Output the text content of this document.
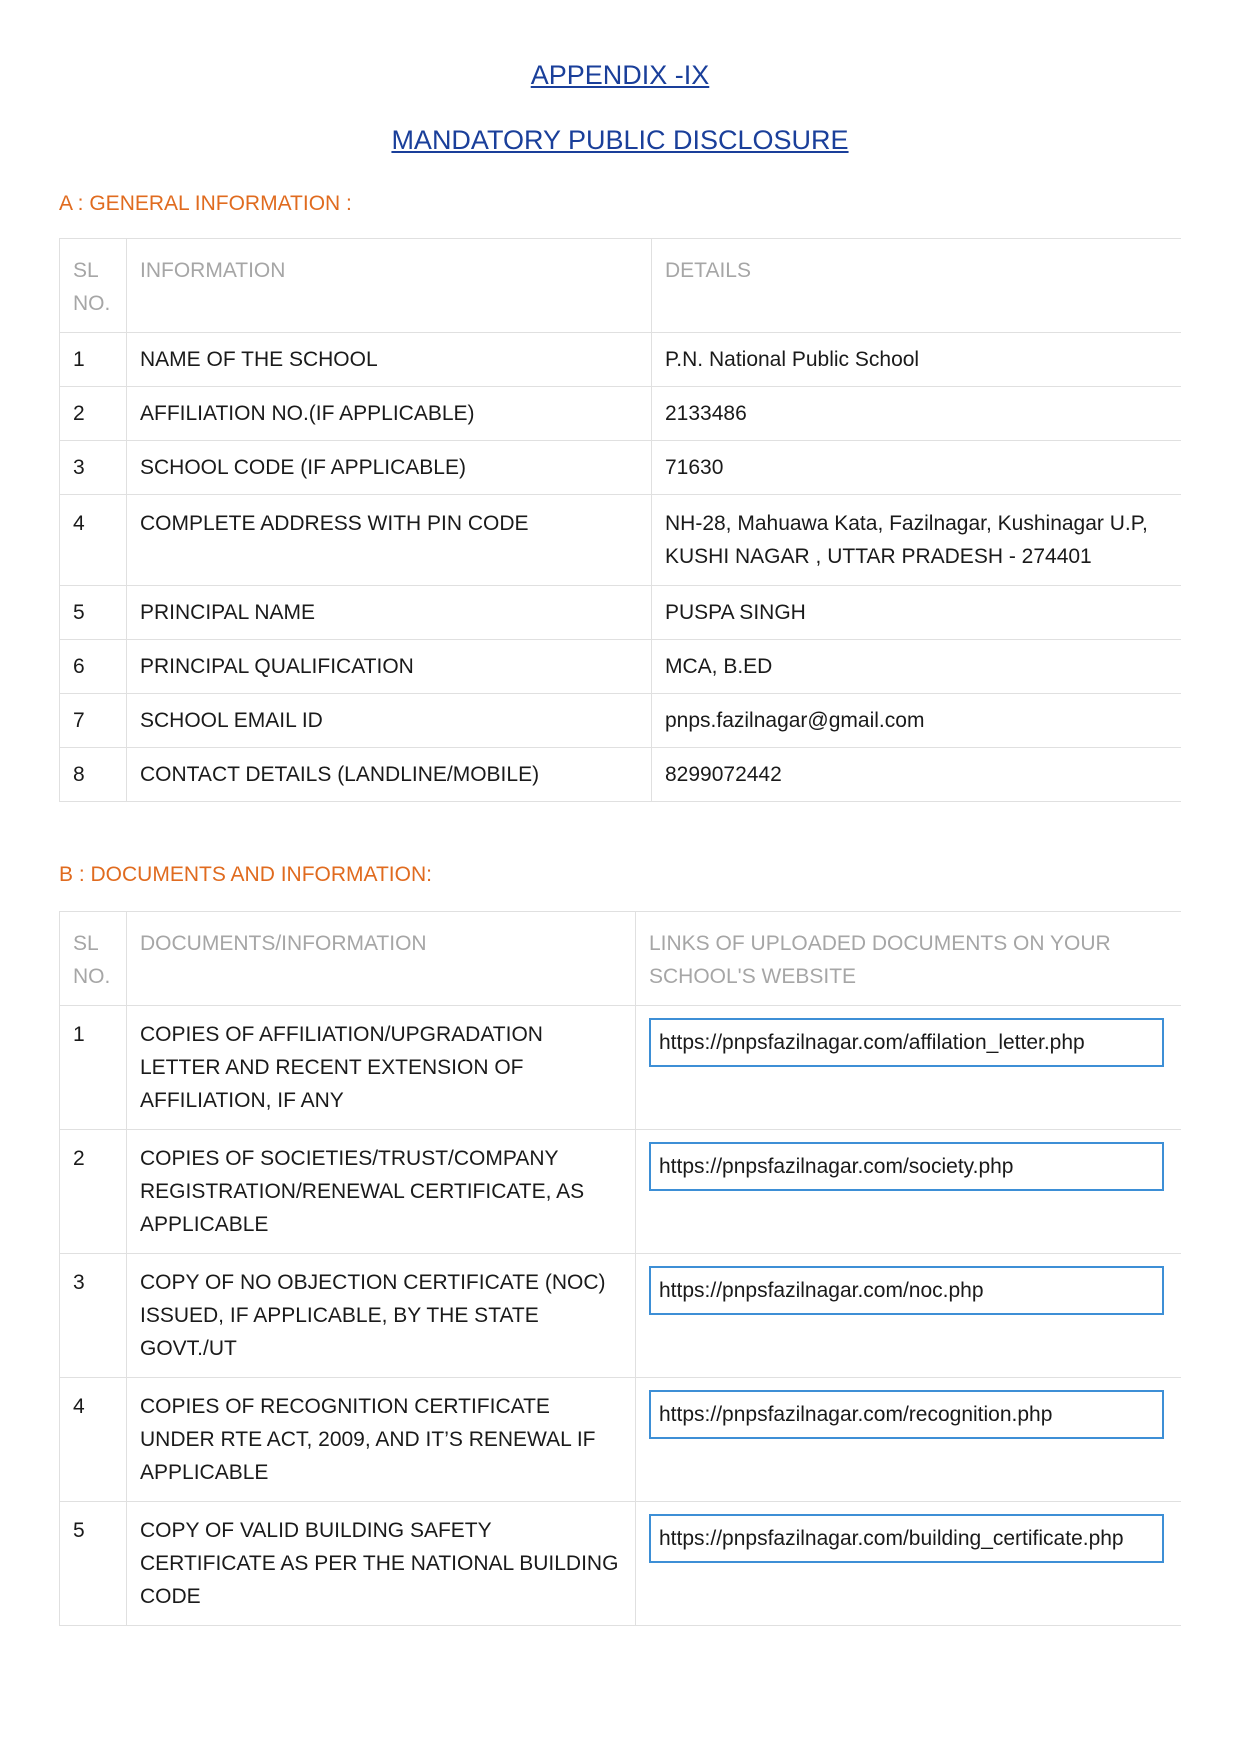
APPENDIX -IX
MANDATORY PUBLIC DISCLOSURE
A : GENERAL INFORMATION :
SL NO.	INFORMATION	DETAILS
1	NAME OF THE SCHOOL	P.N. National Public School
2	AFFILIATION NO.(IF APPLICABLE)	2133486
3	SCHOOL CODE (IF APPLICABLE)	71630
4	COMPLETE ADDRESS WITH PIN CODE	NH-28, Mahuawa Kata, Fazilnagar, Kushinagar U.P, KUSHI NAGAR , UTTAR PRADESH - 274401
5	PRINCIPAL NAME	PUSPA SINGH
6	PRINCIPAL QUALIFICATION	MCA, B.ED
7	SCHOOL EMAIL ID	pnps.fazilnagar@gmail.com
8	CONTACT DETAILS (LANDLINE/MOBILE)	8299072442
B : DOCUMENTS AND INFORMATION:
SL NO.	DOCUMENTS/INFORMATION	LINKS OF UPLOADED DOCUMENTS ON YOUR SCHOOL'S WEBSITE
1	COPIES OF AFFILIATION/UPGRADATION LETTER AND RECENT EXTENSION OF AFFILIATION, IF ANY	https://pnpsfazilnagar.com/affilation_letter.php

2	COPIES OF SOCIETIES/TRUST/COMPANY REGISTRATION/RENEWAL CERTIFICATE, AS APPLICABLE	https://pnpsfazilnagar.com/society.php

3	COPY OF NO OBJECTION CERTIFICATE (NOC) ISSUED, IF APPLICABLE, BY THE STATE GOVT./UT	https://pnpsfazilnagar.com/noc.php

4	COPIES OF RECOGNITION CERTIFICATE UNDER RTE ACT, 2009, AND IT’S RENEWAL IF APPLICABLE	https://pnpsfazilnagar.com/recognition.php

5	COPY OF VALID BUILDING SAFETY CERTIFICATE AS PER THE NATIONAL BUILDING CODE	https://pnpsfazilnagar.com/building_certificate.php
